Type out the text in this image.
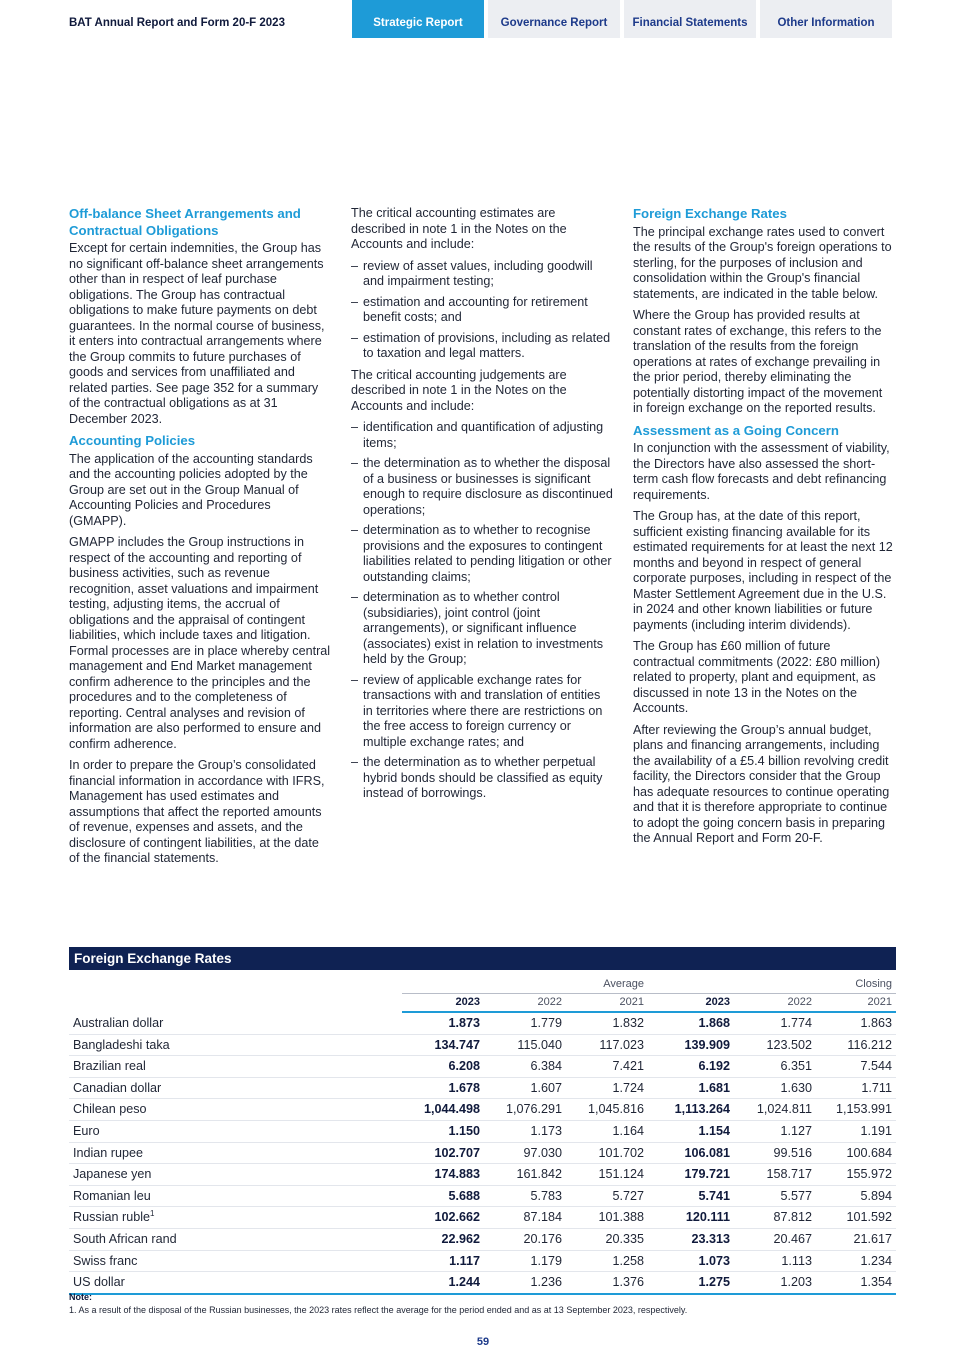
BAT Annual Report and Form 20-F 2023	Strategic Report	Governance Report	Financial Statements	Other Information
Off-balance Sheet Arrangements and Contractual Obligations

Except for certain indemnities, the Group has no significant off-balance sheet arrangements other than in respect of leaf purchase obligations. The Group has contractual obligations to make future payments on debt guarantees. In the normal course of business, it enters into contractual arrangements where the Group commits to future purchases of goods and services from unaffiliated and related parties. See page 352 for a summary of the contractual obligations as at 31 December 2023.

Accounting Policies

The application of the accounting standards and the accounting policies adopted by the Group are set out in the Group Manual of Accounting Policies and Procedures (GMAPP).

GMAPP includes the Group instructions in respect of the accounting and reporting of business activities, such as revenue recognition, asset valuations and impairment testing, adjusting items, the accrual of obligations and the appraisal of contingent liabilities, which include taxes and litigation. Formal processes are in place whereby central management and End Market management confirm adherence to the principles and the procedures and to the completeness of reporting. Central analyses and revision of information are also performed to ensure and confirm adherence.

In order to prepare the Group’s consolidated financial information in accordance with IFRS, Management has used estimates and assumptions that affect the reported amounts of revenue, expenses and assets, and the disclosure of contingent liabilities, at the date of the financial statements.

The critical accounting estimates are described in note 1 in the Notes on the Accounts and include:

– review of asset values, including goodwill and impairment testing;
– estimation and accounting for retirement benefit costs; and
– estimation of provisions, including as related to taxation and legal matters.

The critical accounting judgements are described in note 1 in the Notes on the Accounts and include:

– identification and quantification of adjusting items;
– the determination as to whether the disposal of a business or businesses is significant enough to require disclosure as discontinued operations;
– determination as to whether to recognise provisions and the exposures to contingent liabilities related to pending litigation or other outstanding claims;
– determination as to whether control (subsidiaries), joint control (joint arrangements), or significant influence (associates) exist in relation to investments held by the Group;
– review of applicable exchange rates for transactions with and translation of entities in territories where there are restrictions on the free access to foreign currency or multiple exchange rates; and
– the determination as to whether perpetual hybrid bonds should be classified as equity instead of borrowings.
Foreign Exchange Rates

The principal exchange rates used to convert the results of the Group's foreign operations to sterling, for the purposes of inclusion and consolidation within the Group's financial statements, are indicated in the table below.

Where the Group has provided results at constant rates of exchange, this refers to the translation of the results from the foreign operations at rates of exchange prevailing in the prior period, thereby eliminating the potentially distorting impact of the movement in foreign exchange on the reported results.

Assessment as a Going Concern

In conjunction with the assessment of viability, the Directors have also assessed the short-term cash flow forecasts and debt refinancing requirements.

The Group has, at the date of this report, sufficient existing financing available for its estimated requirements for at least the next 12 months and beyond in respect of general corporate purposes, including in respect of the Master Settlement Agreement due in the U.S. in 2024 and other known liabilities or future payments (including interim dividends).

The Group has £60 million of future contractual commitments (2022: £80 million) related to property, plant and equipment, as discussed in note 13 in the Notes on the Accounts.

After reviewing the Group’s annual budget, plans and financing arrangements, including the availability of a £5.4 billion revolving credit facility, the Directors consider that the Group has adequate resources to continue operating and that it is therefore appropriate to continue to adopt the going concern basis in preparing the Annual Report and Form 20-F.

Foreign Exchange Rates
	Average			Closing		
	2023	2022	2021	2023	2022	2021
Australian dollar	1.873	1.779	1.832	1.868	1.774	1.863
Bangladeshi taka	134.747	115.040	117.023	139.909	123.502	116.212
Brazilian real	6.208	6.384	7.421	6.192	6.351	7.544
Canadian dollar	1.678	1.607	1.724	1.681	1.630	1.711
Chilean peso	1,044.498	1,076.291	1,045.816	1,113.264	1,024.811	1,153.991
Euro	1.150	1.173	1.164	1.154	1.127	1.191
Indian rupee	102.707	97.030	101.702	106.081	99.516	100.684
Japanese yen	174.883	161.842	151.124	179.721	158.717	155.972
Romanian leu	5.688	5.783	5.727	5.741	5.577	5.894
Russian ruble$^1$	102.662	87.184	101.388	120.111	87.812	101.592
South African rand	22.962	20.176	20.335	23.313	20.467	21.617
Swiss franc	1.117	1.179	1.258	1.073	1.113	1.234
US dollar	1.244	1.236	1.376	1.275	1.203	1.354
Note:
1. As a result of the disposal of the Russian businesses, the 2023 rates reflect the average for the period ended and as at 13 September 2023, respectively.
59
